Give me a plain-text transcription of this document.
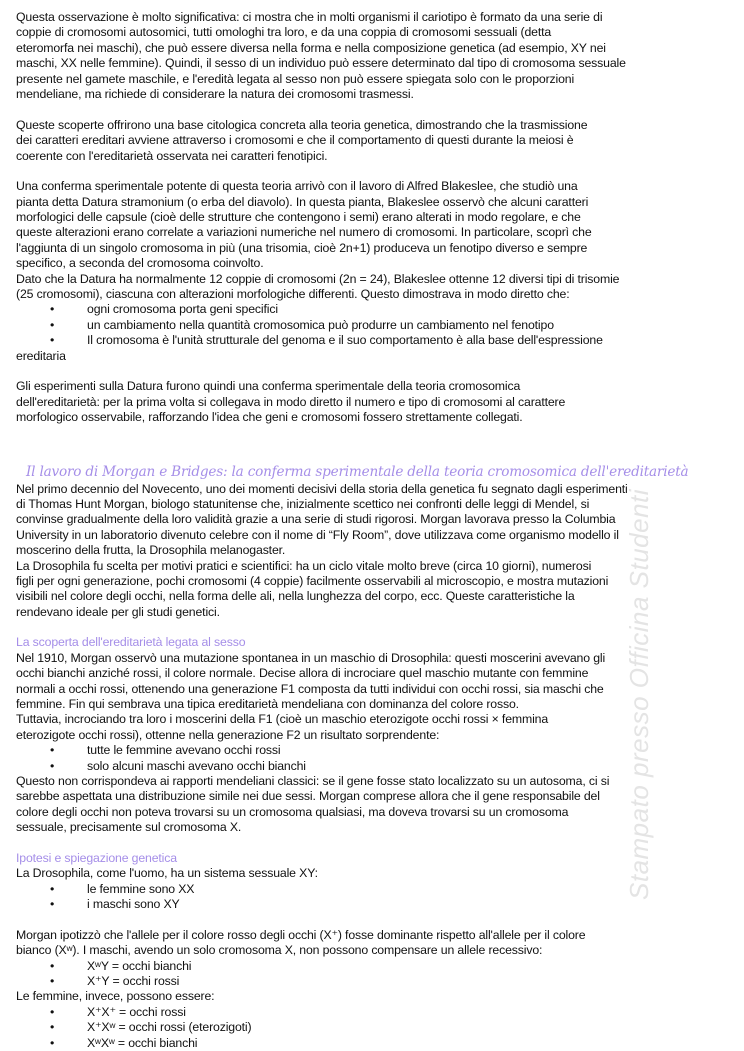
Questa osservazione è molto significativa: ci mostra che in molti organismi il cariotipo è formato da una serie di
coppie di cromosomi autosomici, tutti omologhi tra loro, e da una coppia di cromosomi sessuali (detta
eteromorfa nei maschi), che può essere diversa nella forma e nella composizione genetica (ad esempio, XY nei
maschi, XX nelle femmine). Quindi, il sesso di un individuo può essere determinato dal tipo di cromosoma sessuale
presente nel gamete maschile, e l'eredità legata al sesso non può essere spiegata solo con le proporzioni
mendeliane, ma richiede di considerare la natura dei cromosomi trasmessi.
Queste scoperte offrirono una base citologica concreta alla teoria genetica, dimostrando che la trasmissione
dei caratteri ereditari avviene attraverso i cromosomi e che il comportamento di questi durante la meiosi è
coerente con l'ereditarietà osservata nei caratteri fenotipici.
Una conferma sperimentale potente di questa teoria arrivò con il lavoro di Alfred Blakeslee, che studiò una
pianta detta Datura stramonium (o erba del diavolo). In questa pianta, Blakeslee osservò che alcuni caratteri
morfologici delle capsule (cioè delle strutture che contengono i semi) erano alterati in modo regolare, e che
queste alterazioni erano correlate a variazioni numeriche nel numero di cromosomi. In particolare, scoprì che
l'aggiunta di un singolo cromosoma in più (una trisomia, cioè 2n+1) produceva un fenotipo diverso e sempre
specifico, a seconda del cromosoma coinvolto.
Dato che la Datura ha normalmente 12 coppie di cromosomi (2n = 24), Blakeslee ottenne 12 diversi tipi di trisomie
(25 cromosomi), ciascuna con alterazioni morfologiche differenti. Questo dimostrava in modo diretto che:
•	ogni cromosoma porta geni specifici
•	un cambiamento nella quantità cromosomica può produrre un cambiamento nel fenotipo
•	Il cromosoma è l'unità strutturale del genoma e il suo comportamento è alla base dell'espressione
ereditaria
Gli esperimenti sulla Datura furono quindi una conferma sperimentale della teoria cromosomica
dell'ereditarietà: per la prima volta si collegava in modo diretto il numero e tipo di cromosomi al carattere
morfologico osservabile, rafforzando l'idea che geni e cromosomi fossero strettamente collegati.
Il lavoro di Morgan e Bridges: la conferma sperimentale della teoria cromosomica dell'ereditarietà
Nel primo decennio del Novecento, uno dei momenti decisivi della storia della genetica fu segnato dagli esperimenti
di Thomas Hunt Morgan, biologo statunitense che, inizialmente scettico nei confronti delle leggi di Mendel, si
convinse gradualmente della loro validità grazie a una serie di studi rigorosi. Morgan lavorava presso la Columbia
University in un laboratorio divenuto celebre con il nome di “Fly Room”, dove utilizzava come organismo modello il
moscerino della frutta, la Drosophila melanogaster.
La Drosophila fu scelta per motivi pratici e scientifici: ha un ciclo vitale molto breve (circa 10 giorni), numerosi
figli per ogni generazione, pochi cromosomi (4 coppie) facilmente osservabili al microscopio, e mostra mutazioni
visibili nel colore degli occhi, nella forma delle ali, nella lunghezza del corpo, ecc. Queste caratteristiche la
rendevano ideale per gli studi genetici.
La scoperta dell'ereditarietà legata al sesso
Nel 1910, Morgan osservò una mutazione spontanea in un maschio di Drosophila: questi moscerini avevano gli
occhi bianchi anziché rossi, il colore normale. Decise allora di incrociare quel maschio mutante con femmine
normali a occhi rossi, ottenendo una generazione F1 composta da tutti individui con occhi rossi, sia maschi che
femmine. Fin qui sembrava una tipica ereditarietà mendeliana con dominanza del colore rosso.
Tuttavia, incrociando tra loro i moscerini della F1 (cioè un maschio eterozigote occhi rossi × femmina
eterozigote occhi rossi), ottenne nella generazione F2 un risultato sorprendente:
•	tutte le femmine avevano occhi rossi
•	solo alcuni maschi avevano occhi bianchi
Questo non corrispondeva ai rapporti mendeliani classici: se il gene fosse stato localizzato su un autosoma, ci si
sarebbe aspettata una distribuzione simile nei due sessi. Morgan comprese allora che il gene responsabile del
colore degli occhi non poteva trovarsi su un cromosoma qualsiasi, ma doveva trovarsi su un cromosoma
sessuale, precisamente sul cromosoma X.
Ipotesi e spiegazione genetica
La Drosophila, come l'uomo, ha un sistema sessuale XY:
•	le femmine sono XX
•	i maschi sono XY
Morgan ipotizzò che l'allele per il colore rosso degli occhi (X⁺) fosse dominante rispetto all'allele per il colore
bianco (Xʷ). I maschi, avendo un solo cromosoma X, non possono compensare un allele recessivo:
•	XʷY = occhi bianchi
•	X⁺Y = occhi rossi
Le femmine, invece, possono essere:
•	X⁺X⁺ = occhi rossi
•	X⁺Xʷ = occhi rossi (eterozigoti)
•	XʷXʷ = occhi bianchi
Stampato presso Officina Studenti
